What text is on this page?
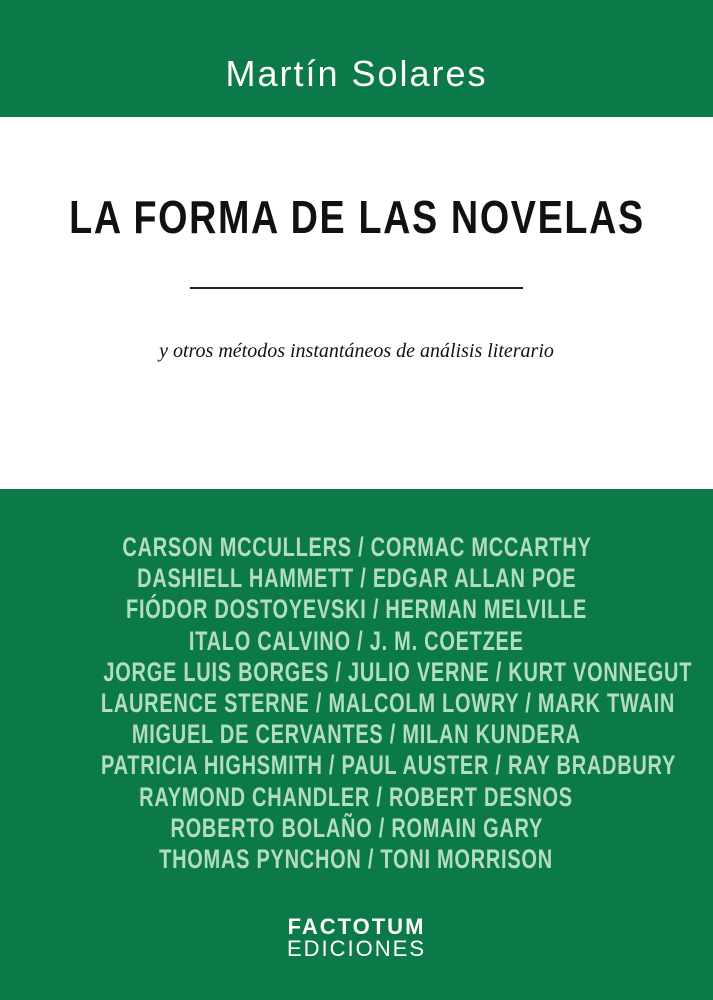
Martín Solares
LA FORMA DE LAS NOVELAS
y otros métodos instantáneos de análisis literario
CARSON MCCULLERS / CORMAC MCCARTHY
DASHIELL HAMMETT / EDGAR ALLAN POE
FIÓDOR DOSTOYEVSKI / HERMAN MELVILLE
ITALO CALVINO / J. M. COETZEE
JORGE LUIS BORGES / JULIO VERNE / KURT VONNEGUT
LAURENCE STERNE / MALCOLM LOWRY / MARK TWAIN
MIGUEL DE CERVANTES / MILAN KUNDERA
PATRICIA HIGHSMITH / PAUL AUSTER / RAY BRADBURY
RAYMOND CHANDLER / ROBERT DESNOS
ROBERTO BOLAÑO / ROMAIN GARY
THOMAS PYNCHON / TONI MORRISON
FACTOTUM
EDICIONES
